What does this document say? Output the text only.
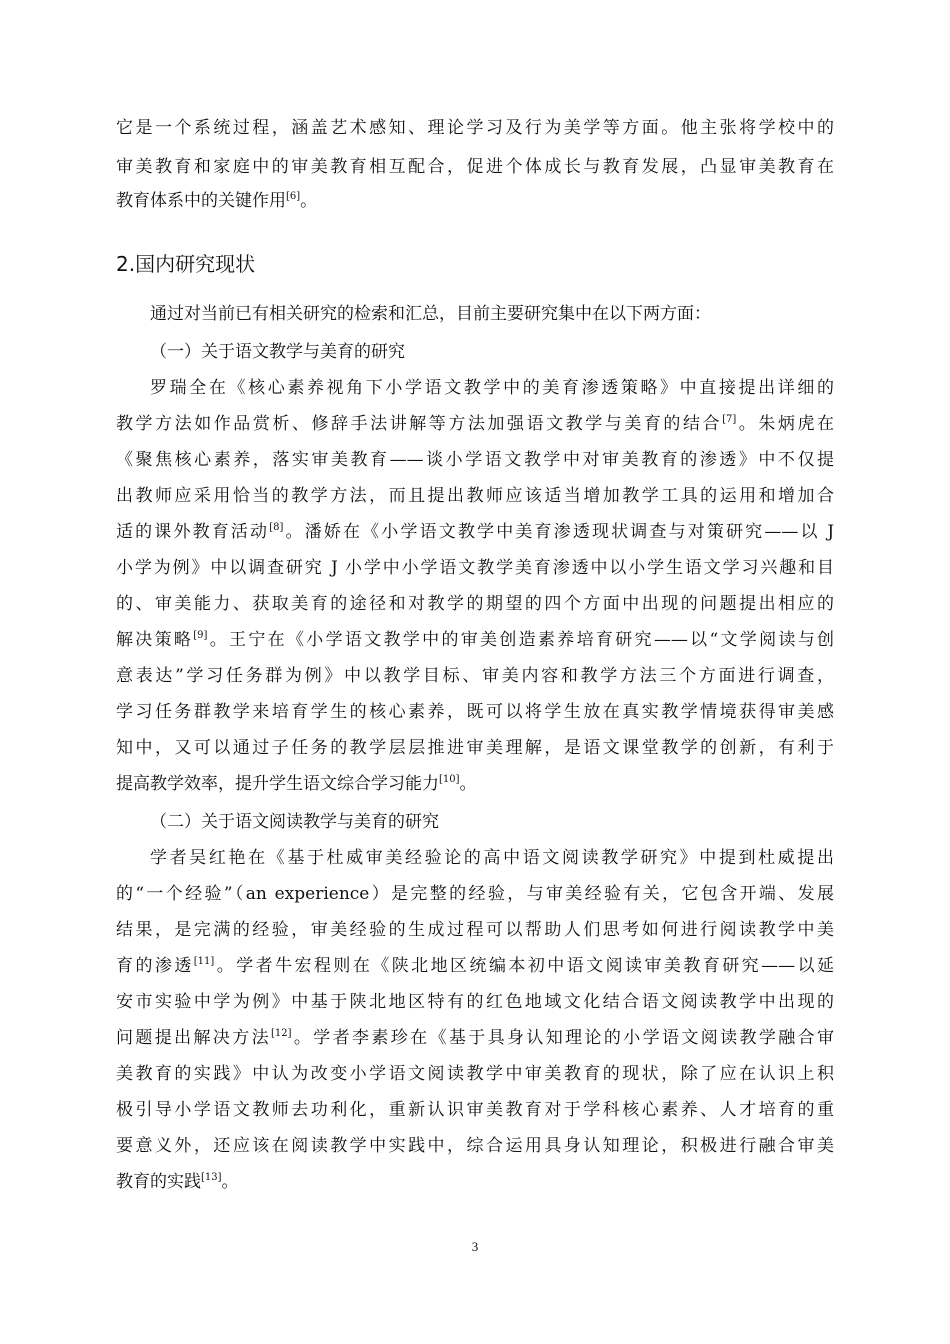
它是一个系统过程，涵盖艺术感知、理论学习及行为美学等方面。他主张将学校中的
审美教育和家庭中的审美教育相互配合，促进个体成长与教育发展，凸显审美教育在
教育体系中的关键作用[6]。
2.国内研究现状
通过对当前已有相关研究的检索和汇总，目前主要研究集中在以下两方面：
（一）关于语文教学与美育的研究
罗瑞全在《核心素养视角下小学语文教学中的美育渗透策略》中直接提出详细的
教学方法如作品赏析、修辞手法讲解等方法加强语文教学与美育的结合[7]。朱炳虎在
《聚焦核心素养，落实审美教育——谈小学语文教学中对审美教育的渗透》中不仅提
出教师应采用恰当的教学方法，而且提出教师应该适当增加教学工具的运用和增加合
适的课外教育活动[8]。潘娇在《小学语文教学中美育渗透现状调查与对策研究——以 J
小学为例》中以调查研究 J 小学中小学语文教学美育渗透中以小学生语文学习兴趣和目
的、审美能力、获取美育的途径和对教学的期望的四个方面中出现的问题提出相应的
解决策略[9]。王宁在《小学语文教学中的审美创造素养培育研究——以“文学阅读与创
意表达”学习任务群为例》中以教学目标、审美内容和教学方法三个方面进行调查，
学习任务群教学来培育学生的核心素养，既可以将学生放在真实教学情境获得审美感
知中，又可以通过子任务的教学层层推进审美理解，是语文课堂教学的创新，有利于
提高教学效率，提升学生语文综合学习能力[10]。
（二）关于语文阅读教学与美育的研究
学者吴红艳在《基于杜威审美经验论的高中语文阅读教学研究》中提到杜威提出
的“一个经验”（an experience）是完整的经验，与审美经验有关，它包含开端、发展
结果，是完满的经验，审美经验的生成过程可以帮助人们思考如何进行阅读教学中美
育的渗透[11]。学者牛宏程则在《陕北地区统编本初中语文阅读审美教育研究——以延
安市实验中学为例》中基于陕北地区特有的红色地域文化结合语文阅读教学中出现的
问题提出解决方法[12]。学者李素珍在《基于具身认知理论的小学语文阅读教学融合审
美教育的实践》中认为改变小学语文阅读教学中审美教育的现状，除了应在认识上积
极引导小学语文教师去功利化，重新认识审美教育对于学科核心素养、人才培育的重
要意义外，还应该在阅读教学中实践中，综合运用具身认知理论，积极进行融合审美
教育的实践[13]。
3
